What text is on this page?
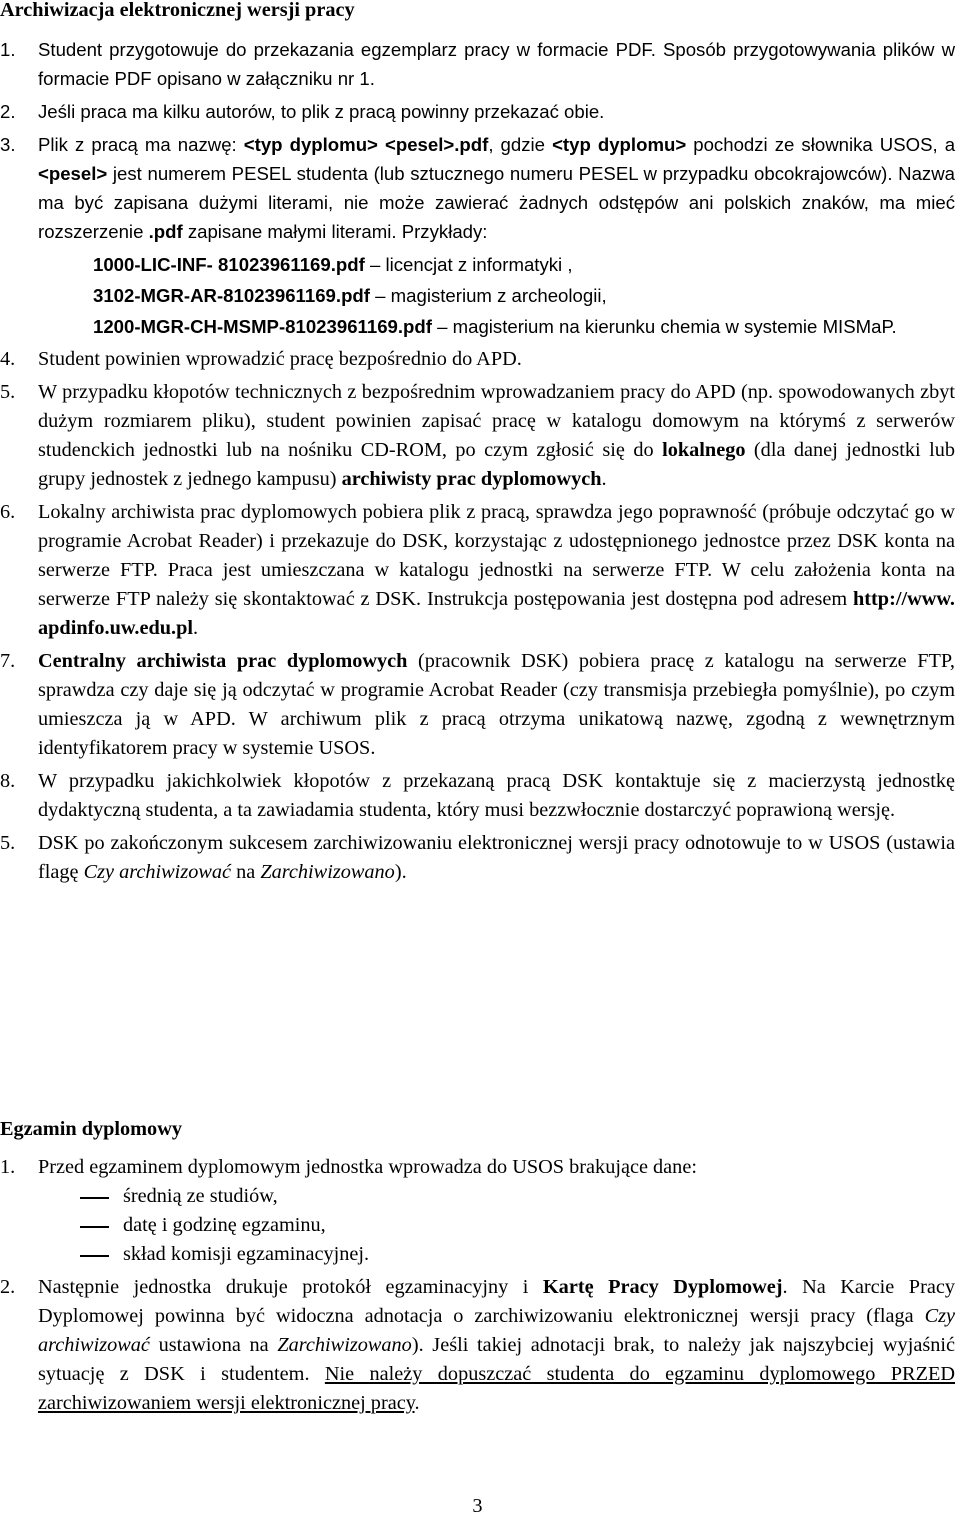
Archiwizacja elektronicznej wersji pracy
1. Student przygotowuje do przekazania egzemplarz pracy w formacie PDF. Sposób przygotowywania plików w formacie PDF opisano w załączniku nr 1.
2. Jeśli praca ma kilku autorów, to plik z pracą powinny przekazać obie.
3. Plik z pracą ma nazwę: <typ dyplomu> <pesel>.pdf, gdzie <typ dyplomu> pochodzi ze słownika USOS, a <pesel> jest numerem PESEL studenta (lub sztucznego numeru PESEL w przypadku obcokrajowców). Nazwa ma być zapisana dużymi literami, nie może zawierać żadnych odstępów ani polskich znaków, ma mieć rozszerzenie .pdf zapisane małymi literami. Przykłady:
1000-LIC-INF- 81023961169.pdf – licencjat z informatyki ,
3102-MGR-AR-81023961169.pdf – magisterium z archeologii,
1200-MGR-CH-MSMP-81023961169.pdf – magisterium na kierunku chemia w systemie MISMaP.
4. Student powinien wprowadzić pracę bezpośrednio do APD.
5. W przypadku kłopotów technicznych z bezpośrednim wprowadzaniem pracy do APD (np. spowodowanych zbyt dużym rozmiarem pliku), student powinien zapisać pracę w katalogu domowym na którymś z serwerów studenckich jednostki lub na nośniku CD-ROM, po czym zgłosić się do lokalnego (dla danej jednostki lub grupy jednostek z jednego kampusu) archiwisty prac dyplomowych.
6. Lokalny archiwista prac dyplomowych pobiera plik z pracą, sprawdza jego poprawność (próbuje odczytać go w programie Acrobat Reader) i przekazuje do DSK, korzystając z udostępnionego jednostce przez DSK konta na serwerze FTP. Praca jest umieszczana w katalogu jednostki na serwerze FTP. W celu założenia konta na serwerze FTP należy się skontaktować z DSK. Instrukcja postępowania jest dostępna pod adresem http://www. apdinfo.uw.edu.pl.
7. Centralny archiwista prac dyplomowych (pracownik DSK) pobiera pracę z katalogu na serwerze FTP, sprawdza czy daje się ją odczytać w programie Acrobat Reader (czy transmisja przebiegła pomyślnie), po czym umieszcza ją w APD. W archiwum plik z pracą otrzyma unikatową nazwę, zgodną z wewnętrznym identyfikatorem pracy w systemie USOS.
8. W przypadku jakichkolwiek kłopotów z przekazaną pracą DSK kontaktuje się z macierzystą jednostkę dydaktyczną studenta, a ta zawiadamia studenta, który musi bezzwłocznie dostarczyć poprawioną wersję.
5. DSK po zakończonym sukcesem zarchiwizowaniu elektronicznej wersji pracy odnotowuje to w USOS (ustawia flagę Czy archiwizować na Zarchiwizowano).
Egzamin dyplomowy
1. Przed egzaminem dyplomowym jednostka wprowadza do USOS brakujące dane:
średnią ze studiów,
datę i godzinę egzaminu,
skład komisji egzaminacyjnej.
2. Następnie jednostka drukuje protokół egzaminacyjny i Kartę Pracy Dyplomowej. Na Karcie Pracy Dyplomowej powinna być widoczna adnotacja o zarchiwizowaniu elektronicznej wersji pracy (flaga Czy archiwizować ustawiona na Zarchiwizowano). Jeśli takiej adnotacji brak, to należy jak najszybciej wyjaśnić sytuację z DSK i studentem. Nie należy dopuszczać studenta do egzaminu dyplomowego PRZED zarchiwizowaniem wersji elektronicznej pracy.
3
